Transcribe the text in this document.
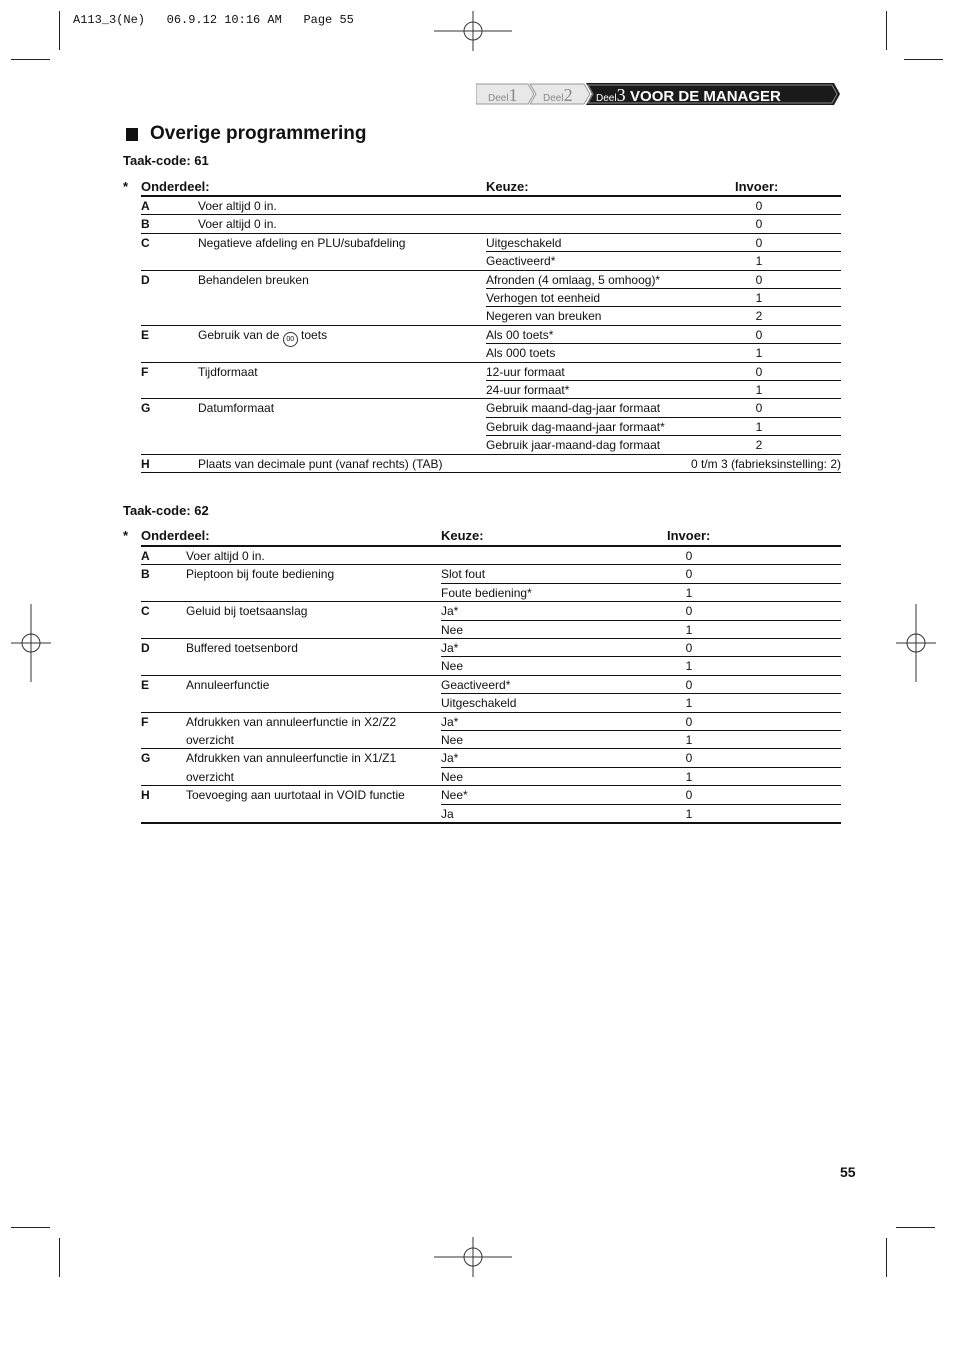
A113_3(Ne)   06.9.12 10:16 AM   Page 55
Deel1	Deel2 Deel3 VOOR DE MANAGER
Overige programmering
Taak-code: 61
* Onderdeel:	Keuze:	Invoer:
A	Voer altijd 0 in.	0
B	Voer altijd 0 in.	0
C	Negatieve afdeling en PLU/subafdeling	Uitgeschakeld	0
Geactiveerd*	1
D	Behandelen breuken	Afronden (4 omlaag, 5 omhoog)*	0
Verhogen tot eenheid	1
Negeren van breuken	2
E	Gebruik van de 00 toets	Als 00 toets*	0
Als 000 toets	1
F	Tijdformaat	12-uur formaat	0
24-uur formaat*	1
G	Datumformaat	Gebruik maand-dag-jaar formaat	0
Gebruik dag-maand-jaar formaat*	1
Gebruik jaar-maand-dag formaat	2
H	Plaats van decimale punt (vanaf rechts) (TAB)	0 t/m 3 (fabrieksinstelling: 2)
Taak-code: 62
* Onderdeel:	Keuze:	Invoer:
A	Voer altijd 0 in.	0
B	Pieptoon bij foute bediening	Slot fout	0
Foute bediening*	1
C	Geluid bij toetsaanslag	Ja*	0
Nee	1
D	Buffered toetsenbord	Ja*	0
Nee	1
E	Annuleerfunctie	Geactiveerd*	0
Uitgeschakeld	1
F	Afdrukken van annuleerfunctie in X2/Z2
overzicht
Ja*	0
Nee	1
G	Afdrukken van annuleerfunctie in X1/Z1
overzicht
Ja*	0
Nee	1
H	Toevoeging aan uurtotaal in VOID functie	Nee*	0
Ja	1
55
